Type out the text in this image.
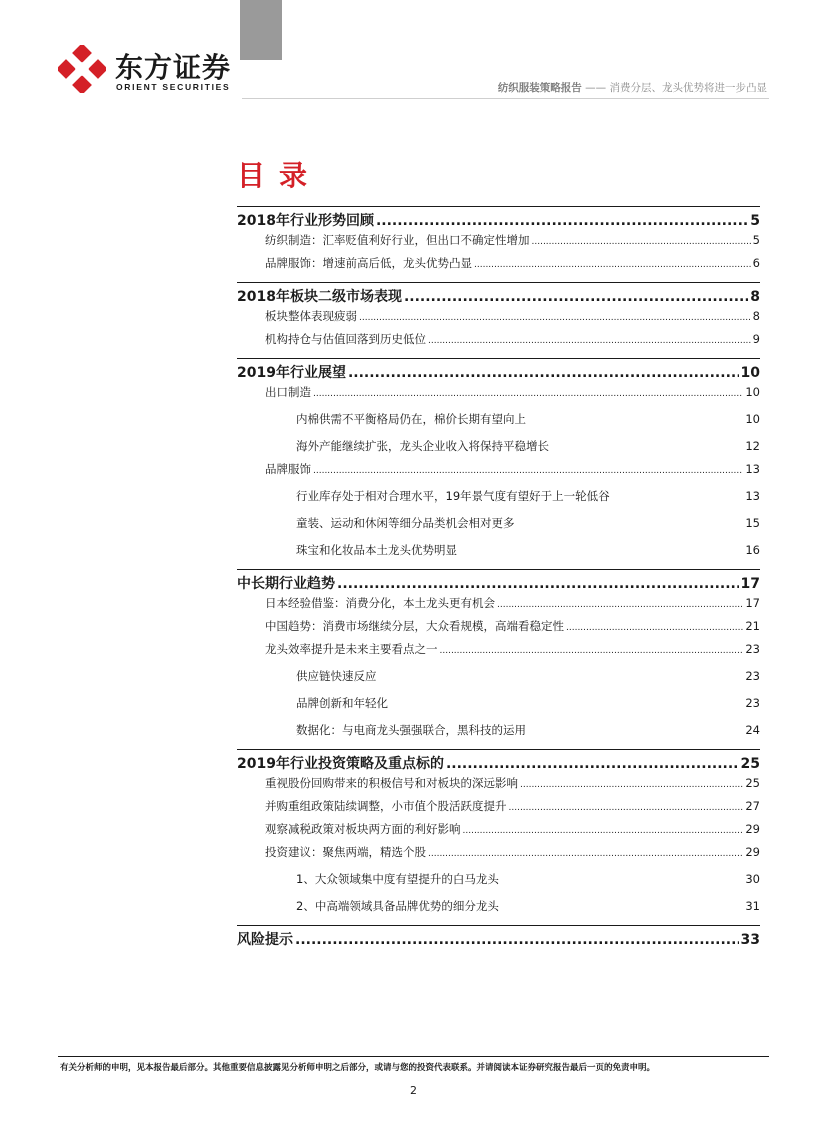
东方证券
ORIENT SECURITIES	纺织服装策略报告 —— 消费分层、龙头优势将进一步凸显
目录
2018年行业形势回顾 .....	5
纺织制造：汇率贬值利好行业，但出口不确定性增加 .....	5
品牌服饰：增速前高后低，龙头优势凸显 .....	6
2018年板块二级市场表现 .....	8
板块整体表现疲弱 .....	8
机构持仓与估值回落到历史低位 .....	9
2019年行业展望 .....	10
出口制造 .....	10
内棉供需不平衡格局仍在，棉价长期有望向上	10
海外产能继续扩张，龙头企业收入将保持平稳增长	12
品牌服饰 .....	13
行业库存处于相对合理水平，19年景气度有望好于上一轮低谷	13
童装、运动和休闲等细分品类机会相对更多	15
珠宝和化妆品本土龙头优势明显	16
中长期行业趋势 .....	17
日本经验借鉴：消费分化，本土龙头更有机会 .....	17
中国趋势：消费市场继续分层，大众看规模，高端看稳定性 .....	21
龙头效率提升是未来主要看点之一 .....	23
供应链快速反应	23
品牌创新和年轻化	23
数据化：与电商龙头强强联合，黑科技的运用	24
2019年行业投资策略及重点标的 .....	25
重视股份回购带来的积极信号和对板块的深远影响 .....	25
并购重组政策陆续调整，小市值个股活跃度提升 .....	27
观察减税政策对板块两方面的利好影响 .....	29
投资建议：聚焦两端，精选个股 .....	29
1、大众领域集中度有望提升的白马龙头	30
2、中高端领域具备品牌优势的细分龙头	31
风险提示 .....	33
有关分析师的申明，见本报告最后部分。其他重要信息披露见分析师申明之后部分，或请与您的投资代表联系。并请阅读本证券研究报告最后一页的免责申明。
2
